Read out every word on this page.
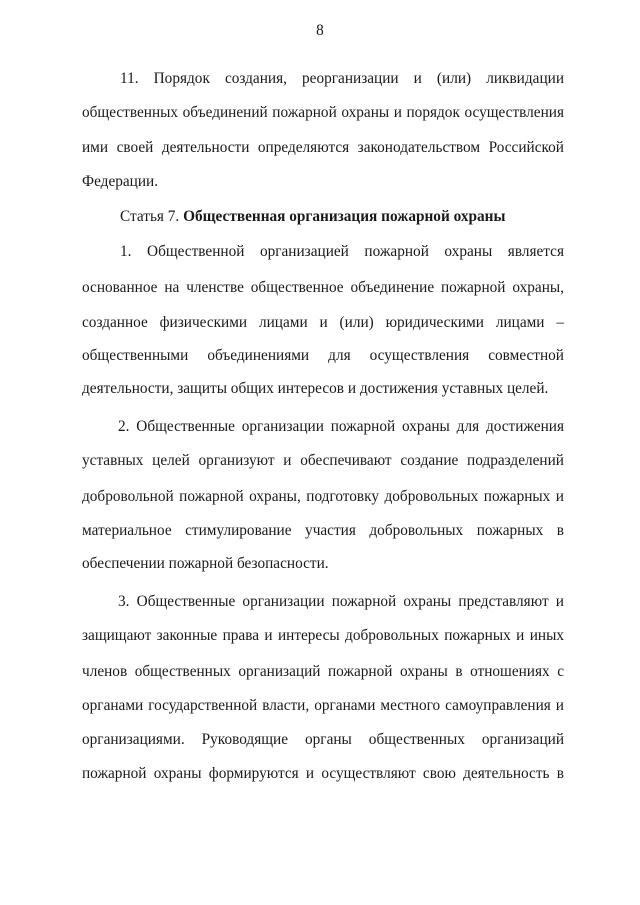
8
11. Порядок создания, реорганизации и (или) ликвидации
общественных объединений пожарной охраны и порядок осуществления
ими своей деятельности определяются законодательством Российской
Федерации.
Статья 7. Общественная организация пожарной охраны
1. Общественной организацией пожарной охраны является
основанное на членстве общественное объединение пожарной охраны,
созданное физическими лицами и (или) юридическими лицами –
общественными объединениями для осуществления совместной
деятельности, защиты общих интересов и достижения уставных целей.
2. Общественные организации пожарной охраны для достижения
уставных целей организуют и обеспечивают создание подразделений
добровольной пожарной охраны, подготовку добровольных пожарных и
материальное стимулирование участия добровольных пожарных в
обеспечении пожарной безопасности.
3. Общественные организации пожарной охраны представляют и
защищают законные права и интересы добровольных пожарных и иных
членов общественных организаций пожарной охраны в отношениях с
органами государственной власти, органами местного самоуправления и
организациями. Руководящие органы общественных организаций
пожарной охраны формируются и осуществляют свою деятельность в
